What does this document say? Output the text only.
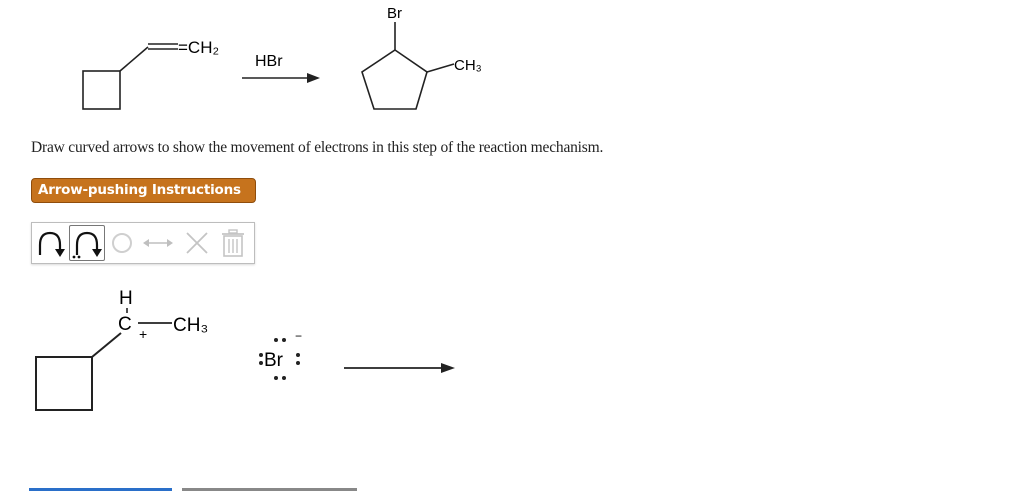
=CH₂
HBr
Br
CH₃
Draw curved arrows to show the movement of electrons in this step of the reaction mechanism.
Arrow-pushing Instructions
H
C + CH₃	−
Br
